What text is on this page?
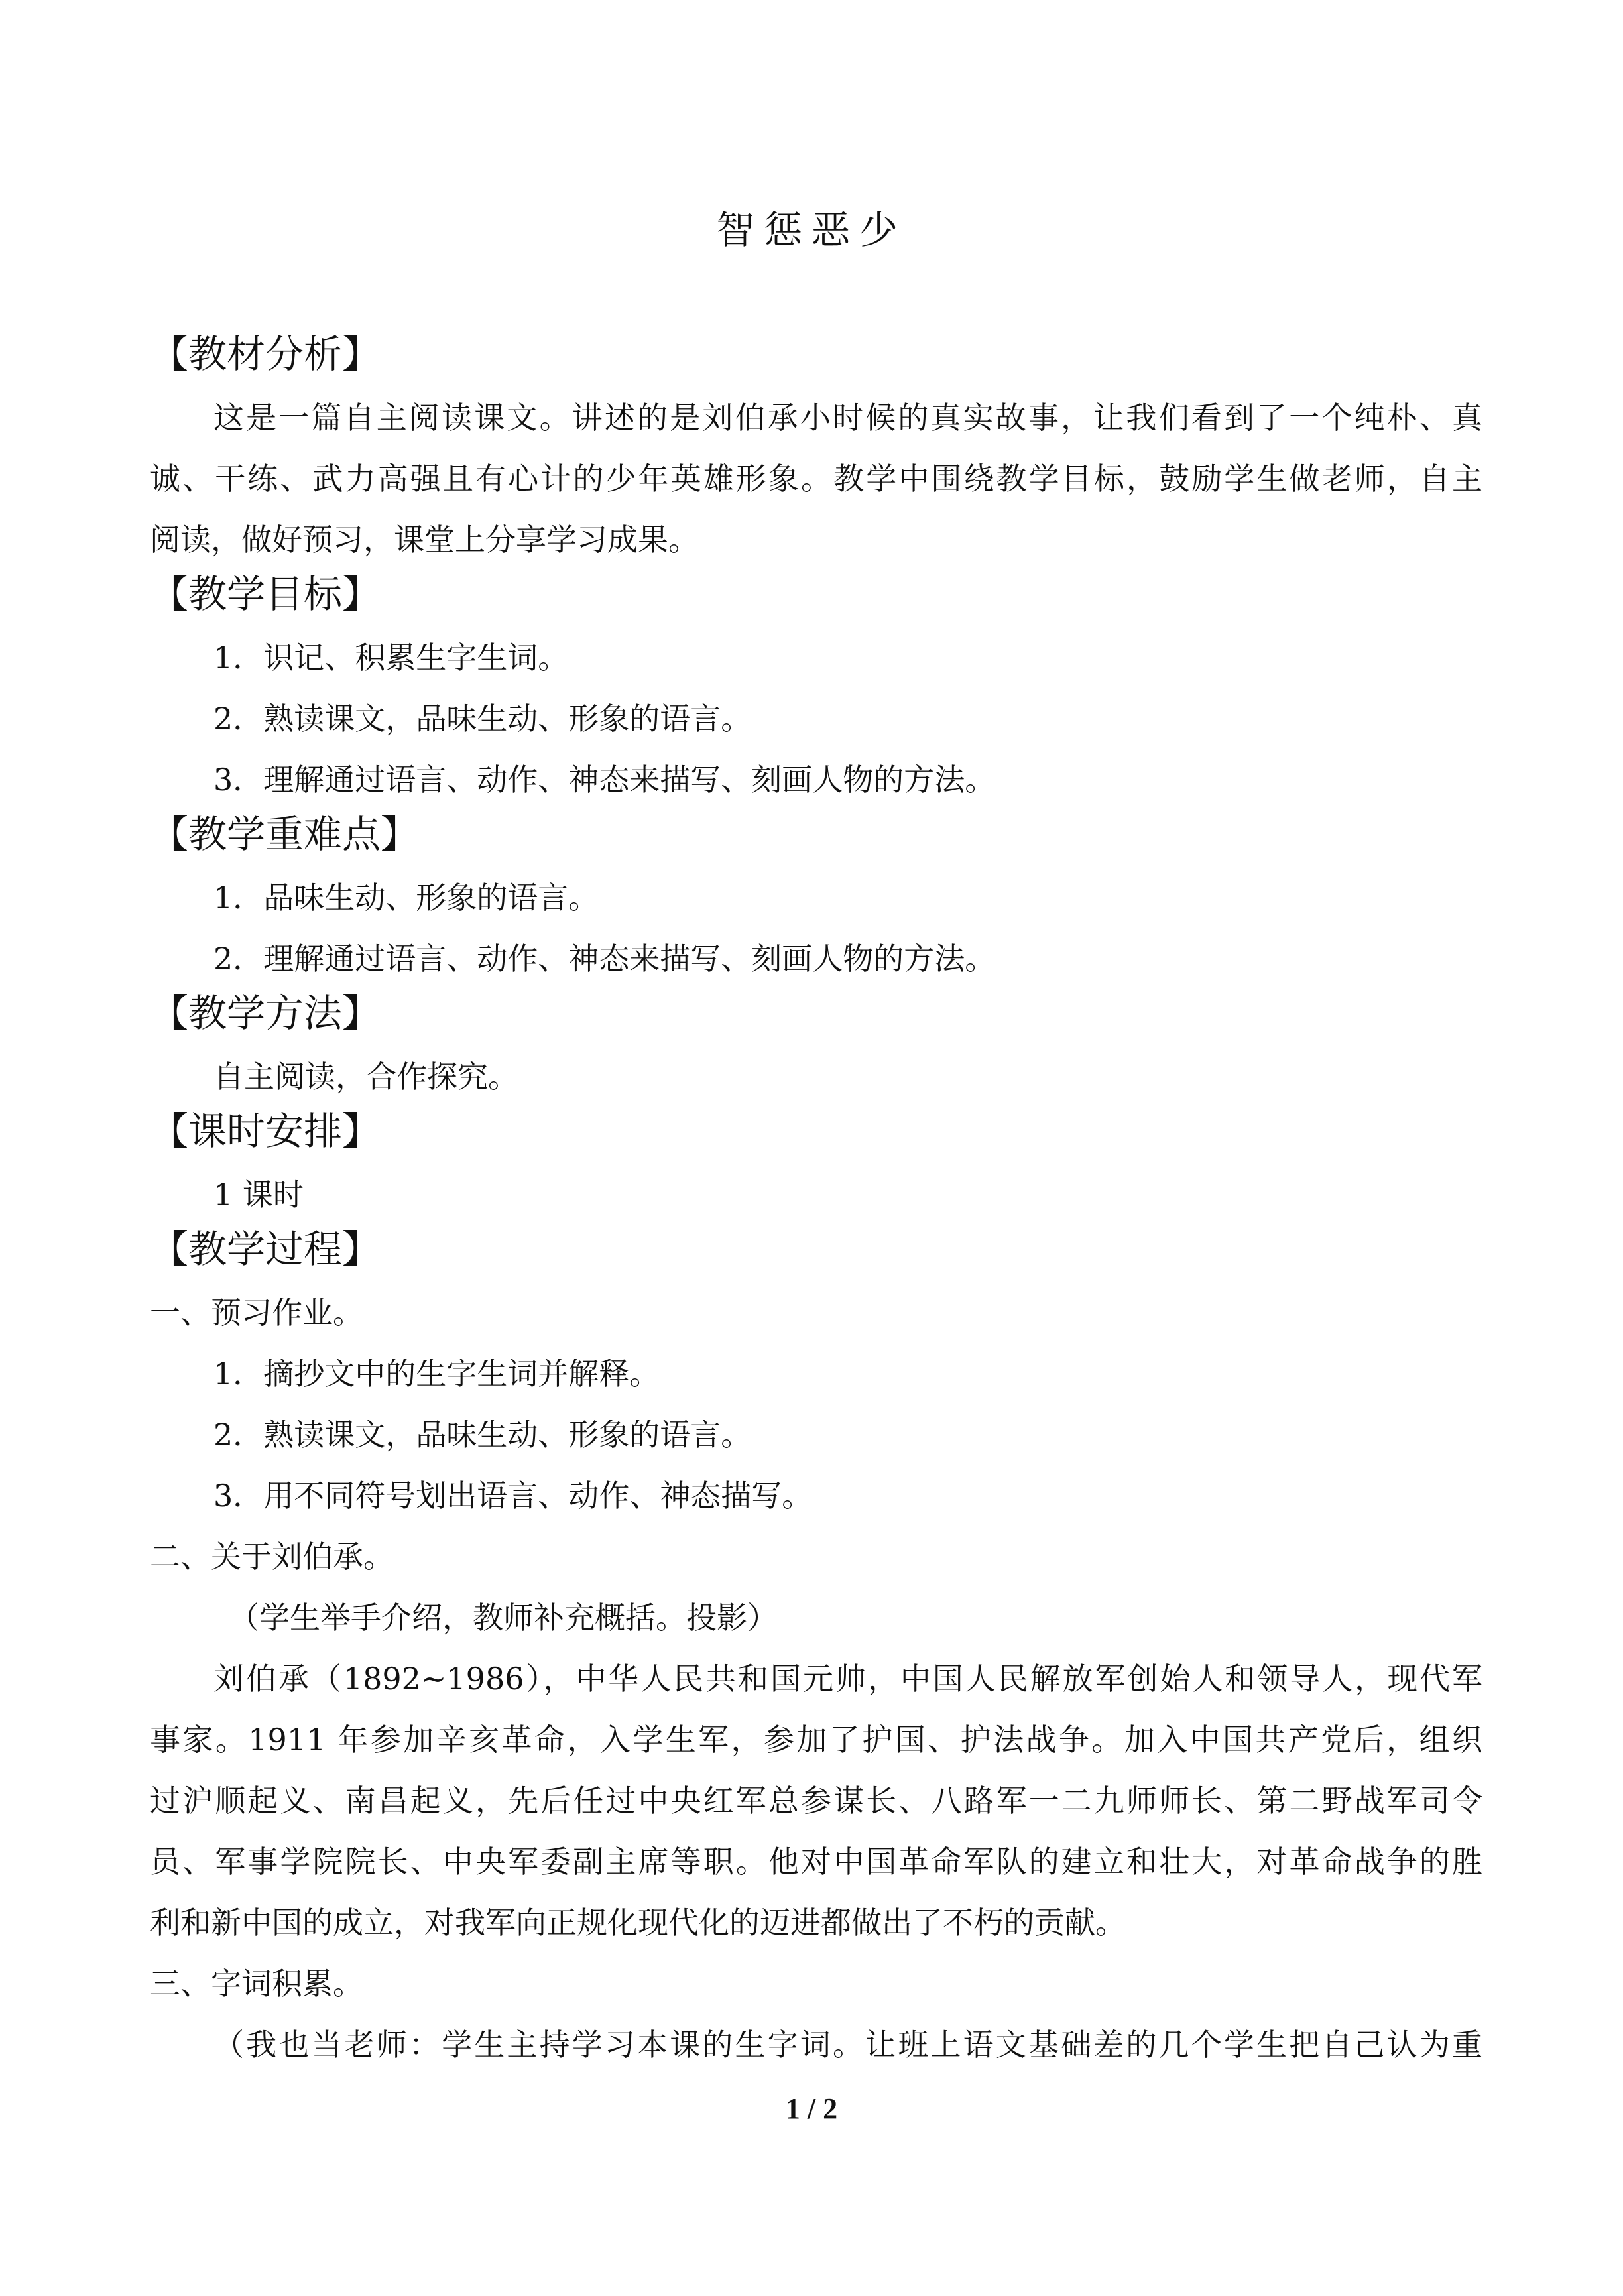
智惩恶少
【教材分析】
这是一篇自主阅读课文。讲述的是刘伯承小时候的真实故事，让我们看到了一个纯朴、真
诚、干练、武力高强且有心计的少年英雄形象。教学中围绕教学目标，鼓励学生做老师，自主
阅读，做好预习，课堂上分享学习成果。
【教学目标】
1．识记、积累生字生词。
2．熟读课文，品味生动、形象的语言。
3．理解通过语言、动作、神态来描写、刻画人物的方法。
【教学重难点】
1．品味生动、形象的语言。
2．理解通过语言、动作、神态来描写、刻画人物的方法。
【教学方法】
自主阅读，合作探究。
【课时安排】
1 课时
【教学过程】
一、预习作业。
1．摘抄文中的生字生词并解释。
2．熟读课文，品味生动、形象的语言。
3．用不同符号划出语言、动作、神态描写。
二、关于刘伯承。
（学生举手介绍，教师补充概括。投影）
刘伯承（1892~1986），中华人民共和国元帅，中国人民解放军创始人和领导人，现代军
事家。1911 年参加辛亥革命，入学生军，参加了护国、护法战争。加入中国共产党后，组织
过沪顺起义、南昌起义，先后任过中央红军总参谋长、八路军一二九师师长、第二野战军司令
员、军事学院院长、中央军委副主席等职。他对中国革命军队的建立和壮大，对革命战争的胜
利和新中国的成立，对我军向正规化现代化的迈进都做出了不朽的贡献。
三、字词积累。
（我也当老师：学生主持学习本课的生字词。让班上语文基础差的几个学生把自己认为重
1 / 2
